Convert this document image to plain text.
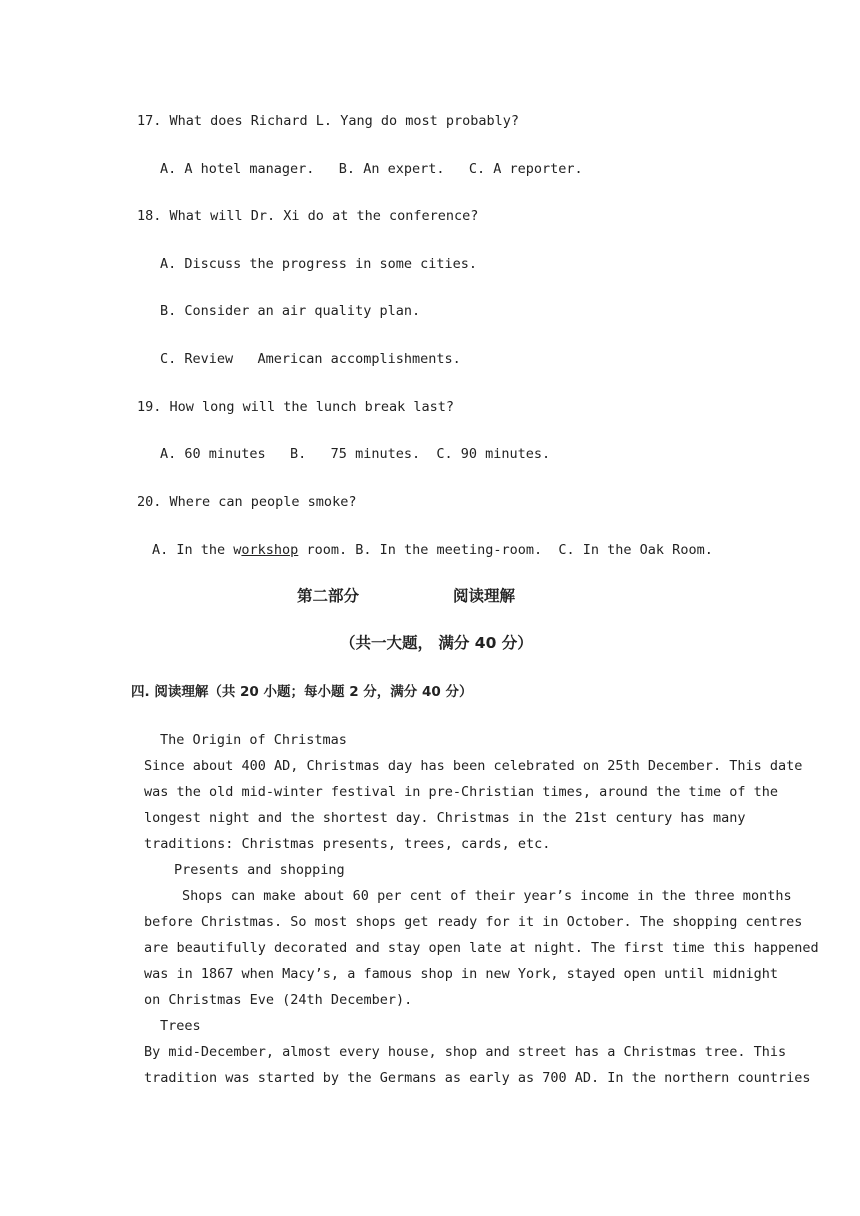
17. What does Richard L. Yang do most probably?
A. A hotel manager.   B. An expert.   C. A reporter.
18. What will Dr. Xi do at the conference?
A. Discuss the progress in some cities.
B. Consider an air quality plan.
C. Review   American accomplishments.
19. How long will the lunch break last?
A. 60 minutes   B.   75 minutes.  C. 90 minutes.
20. Where can people smoke?
A. In the workshop room. B. In the meeting-room.  C. In the Oak Room.
第二部分	阅读理解
（共一大题， 满分 40 分）
四. 阅读理解（共 20 小题；每小题 2 分，满分 40 分）
The Origin of Christmas
Since about 400 AD, Christmas day has been celebrated on 25th December. This date
was the old mid-winter festival in pre-Christian times, around the time of the
longest night and the shortest day. Christmas in the 21st century has many
traditions: Christmas presents, trees, cards, etc.
Presents and shopping
Shops can make about 60 per cent of their year’s income in the three months
before Christmas. So most shops get ready for it in October. The shopping centres
are beautifully decorated and stay open late at night. The first time this happened
was in 1867 when Macy’s, a famous shop in new York, stayed open until midnight
on Christmas Eve (24th December).
Trees
By mid-December, almost every house, shop and street has a Christmas tree. This
tradition was started by the Germans as early as 700 AD. In the northern countries
